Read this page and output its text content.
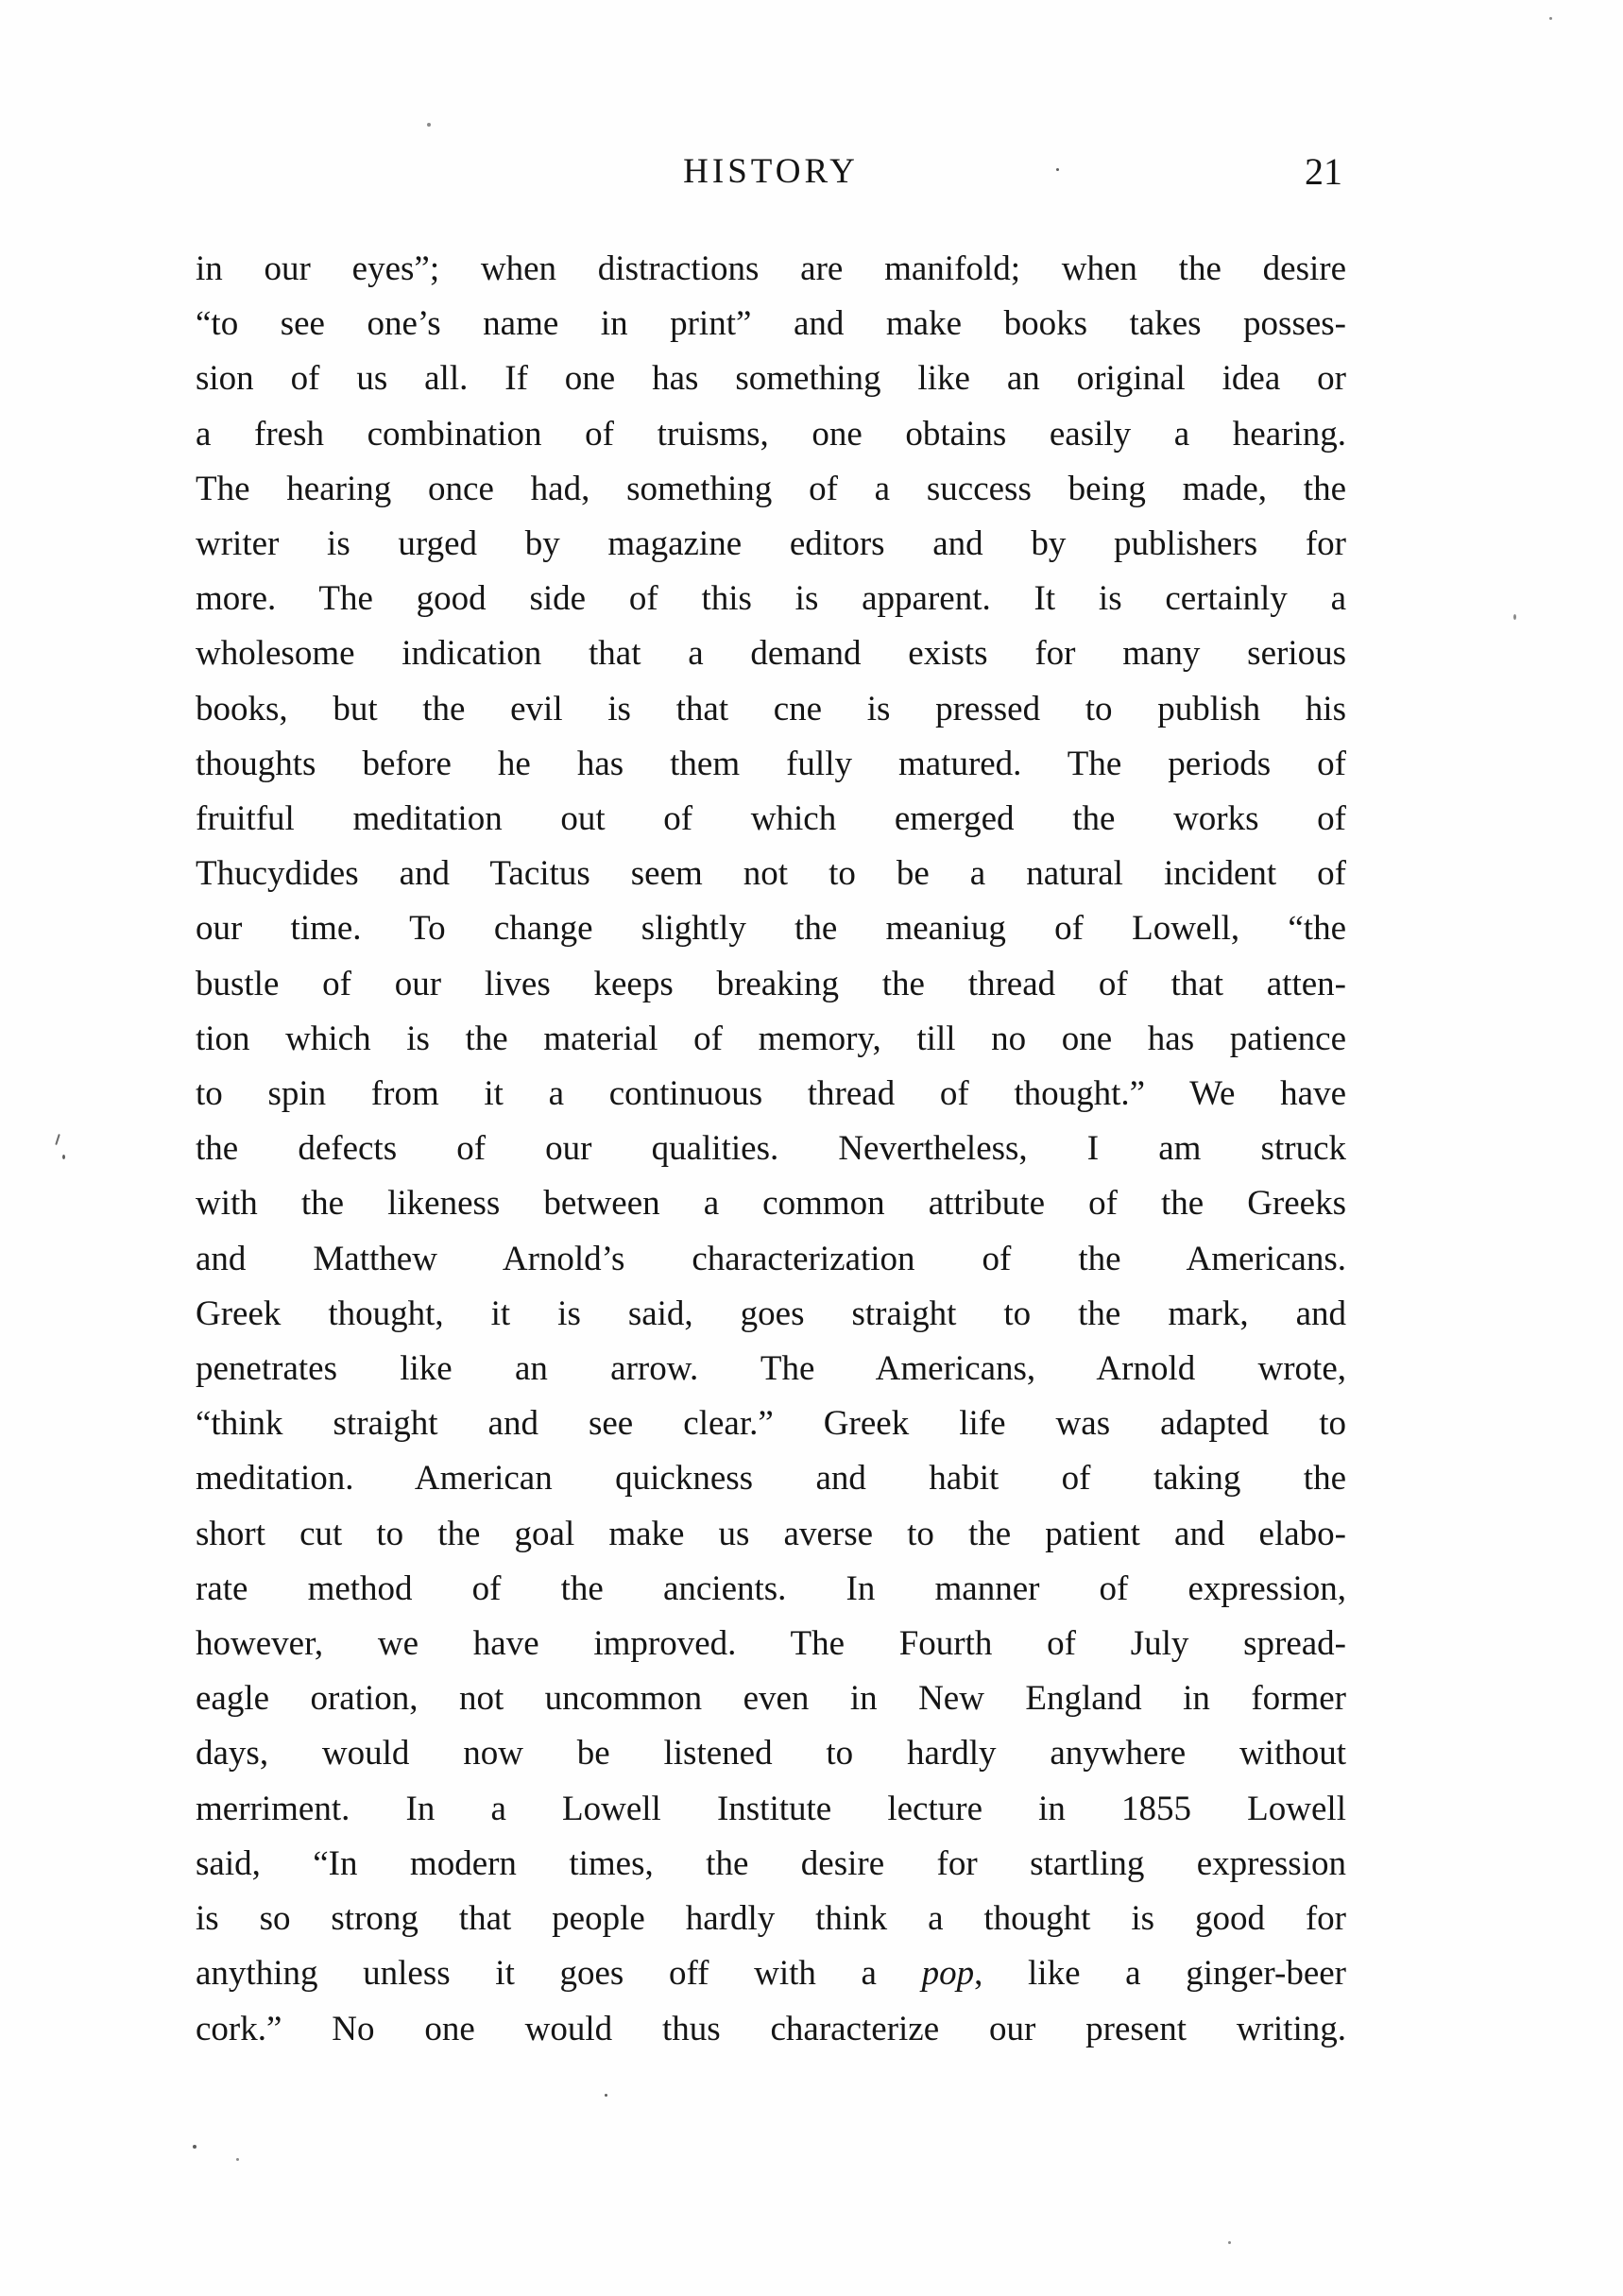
HISTORY	21
in our eyes”; when distractions are manifold; when the desire
“to see one’s name in print” and make books takes posses-
sion of us all. If one has something like an original idea or
a fresh combination of truisms, one obtains easily a hearing.
The hearing once had, something of a success being made, the
writer is urged by magazine editors and by publishers for
more. The good side of this is apparent. It is certainly a
wholesome indication that a demand exists for many serious
books, but the evil is that cne is pressed to publish his
thoughts before he has them fully matured. The periods of
fruitful meditation out of which emerged the works of
Thucydides and Tacitus seem not to be a natural incident of
our time. To change slightly the meaniug of Lowell, “the
bustle of our lives keeps breaking the thread of that atten-
tion which is the material of memory, till no one has patience
to spin from it a continuous thread of thought.” We have
the defects of our qualities. Nevertheless, I am struck
with the likeness between a common attribute of the Greeks
and Matthew Arnold’s characterization of the Americans.
Greek thought, it is said, goes straight to the mark, and
penetrates like an arrow. The Americans, Arnold wrote,
“think straight and see clear.” Greek life was adapted to
meditation. American quickness and habit of taking the
short cut to the goal make us averse to the patient and elabo-
rate method of the ancients. In manner of expression,
however, we have improved. The Fourth of July spread-
eagle oration, not uncommon even in New England in former
days, would now be listened to hardly anywhere without
merriment. In a Lowell Institute lecture in 1855 Lowell
said, “In modern times, the desire for startling expression
is so strong that people hardly think a thought is good for
anything unless it goes off with a pop, like a ginger-beer
cork.” No one would thus characterize our present writing.
